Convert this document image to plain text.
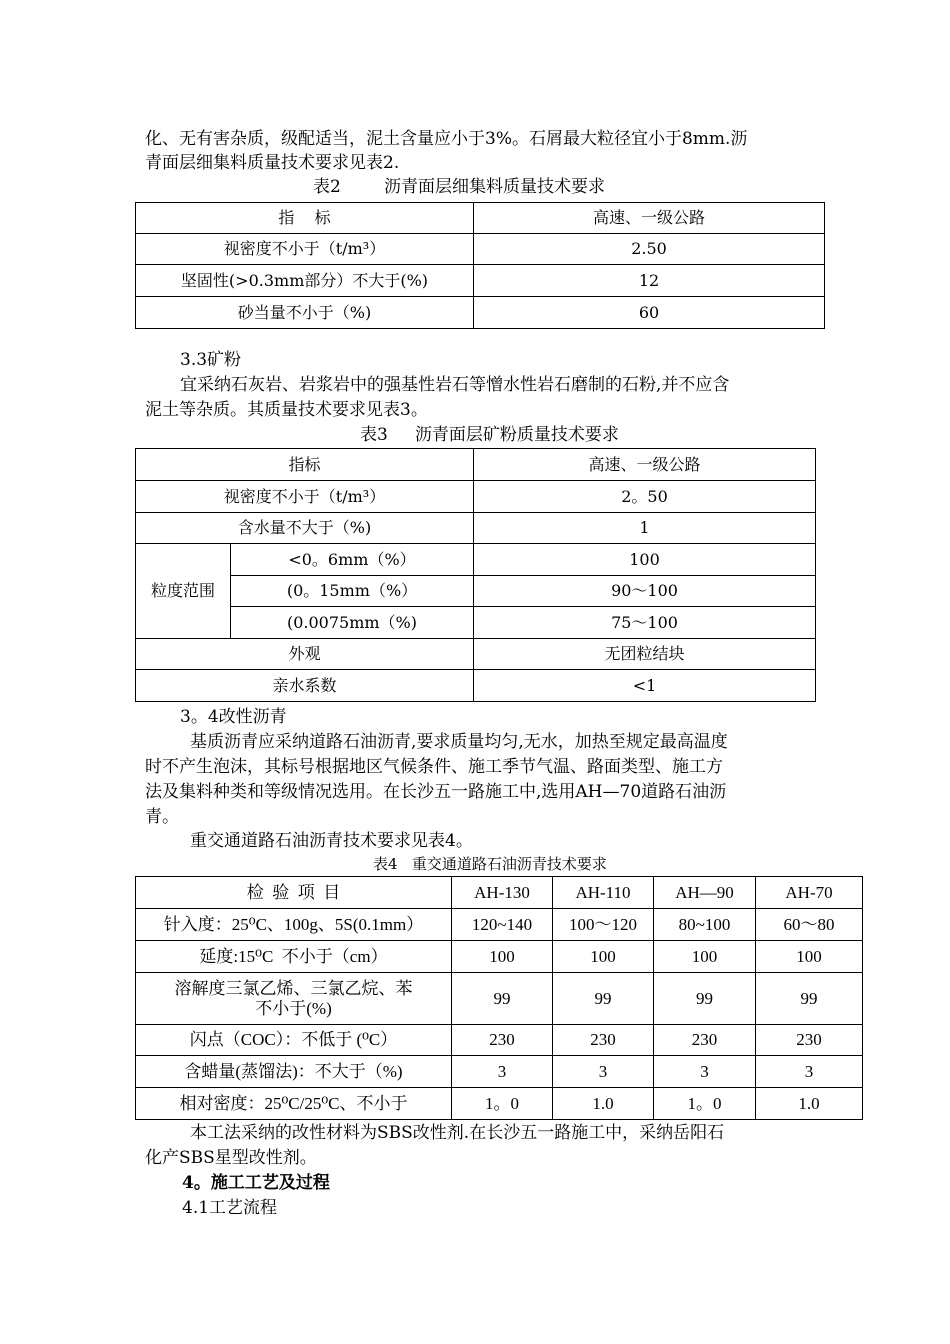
化、无有害杂质，级配适当，泥土含量应小于3%。石屑最大粒径宜小于8mm.沥

青面层细集料质量技术要求见表2.

表2        沥青面层细集料质量技术要求

指    标	高速、一级公路
视密度不小于（t/m³）	2.50
坚固性(>0.3mm部分）不大于(%)	12
砂当量不小于（%)	60

3.3矿粉

宜采纳石灰岩、岩浆岩中的强基性岩石等憎水性岩石磨制的石粉,并不应含

泥土等杂质。其质量技术要求见表3。

表3     沥青面层矿粉质量技术要求

指标		高速、一级公路
视密度不小于（t/m³）		2。50
含水量不大于（%)		1
粒度范围	<0。6mm（%）	100
	(0。15mm（%）	90～100
	(0.0075mm（%)	75～100
外观		无团粒结块
亲水系数		<1

3。4改性沥青

基质沥青应采纳道路石油沥青,要求质量均匀,无水，加热至规定最高温度

时不产生泡沫，其标号根据地区气候条件、施工季节气温、路面类型、施工方

法及集料种类和等级情况选用。在长沙五一路施工中,选用AH—70道路石油沥

青。

重交通道路石油沥青技术要求见表4。

表4   重交通道路石油沥青技术要求

检  验  项  目	AH-130	AH-110	AH—90	AH-70
针入度：25⁰C、100g、5S(0.1mm）	120~140	100～120	80~100	60～80
延度:15⁰C  不小于（cm）	100	100	100	100

溶解度三氯乙烯、三氯乙烷、苯
不小于(%)	99	99	99	99
闪点（COC）：不低于 (⁰C）	230	230	230	230
含蜡量(蒸馏法)：不大于（%)	3	3	3	3
相对密度：25⁰C/25⁰C、不小于	1。0	1.0	1。0	1.0

本工法采纳的改性材料为SBS改性剂.在长沙五一路施工中，采纳岳阳石

化产SBS星型改性剂。

4。施工工艺及过程

4.1工艺流程
